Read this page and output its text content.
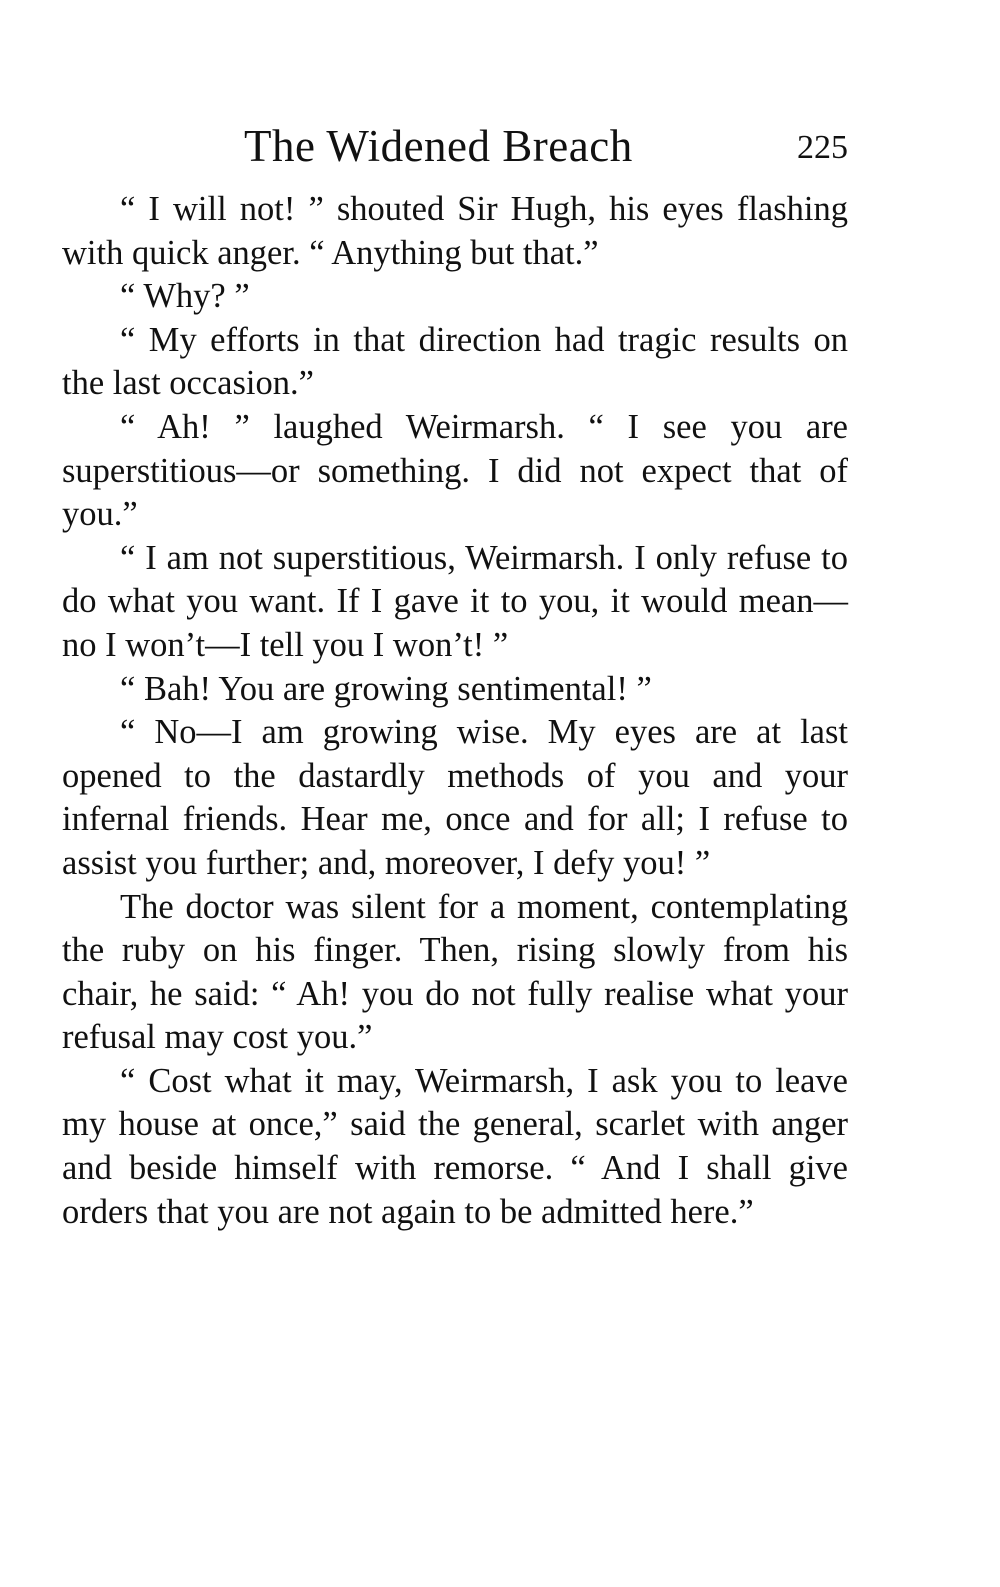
The Widened Breach	225

“ I will not! ” shouted Sir Hugh, his eyes flashing with quick anger. “ Anything but that.”

“ Why? ”

“ My efforts in that direction had tragic results on the last occasion.”

“ Ah! ” laughed Weirmarsh. “ I see you are superstitious—or something. I did not expect that of you.”

“ I am not superstitious, Weirmarsh. I only refuse to do what you want. If I gave it to you, it would mean—no I won’t—I tell you I won’t! ”

“ Bah! You are growing sentimental! ”

“ No—I am growing wise. My eyes are at last opened to the dastardly methods of you and your infernal friends. Hear me, once and for all; I refuse to assist you further; and, moreover, I defy you! ”

The doctor was silent for a moment, contemplating the ruby on his finger. Then, rising slowly from his chair, he said: “ Ah! you do not fully realise what your refusal may cost you.”

“ Cost what it may, Weirmarsh, I ask you to leave my house at once,” said the general, scarlet with anger and beside himself with remorse. “ And I shall give orders that you are not again to be admitted here.”
